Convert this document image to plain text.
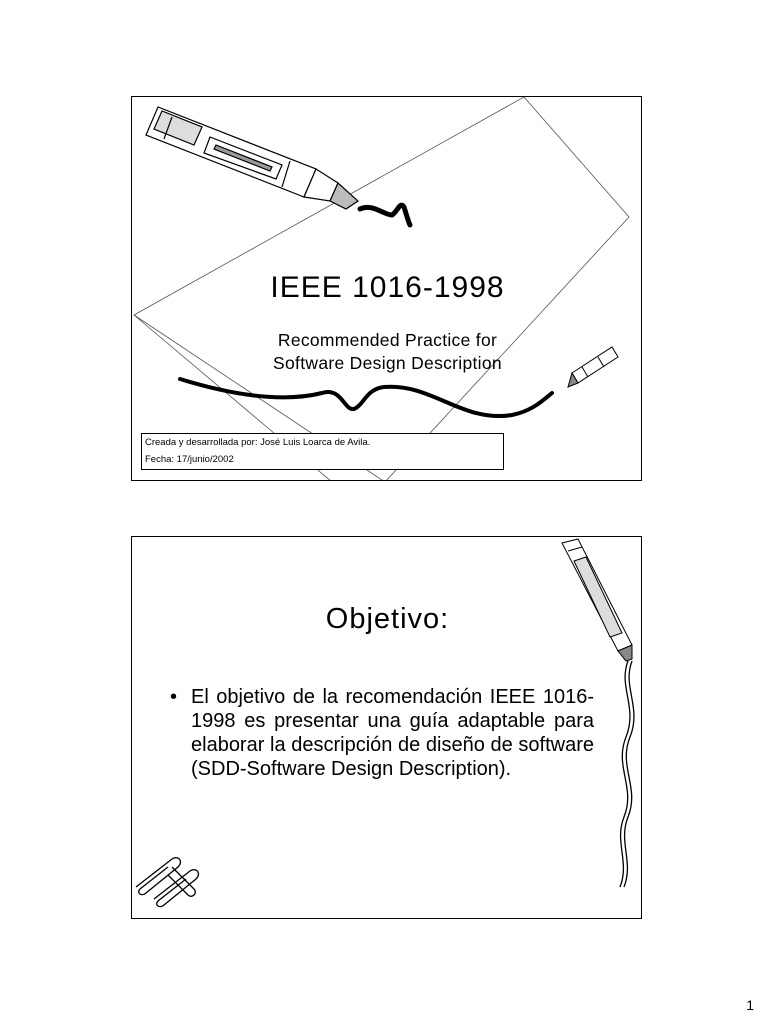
IEEE 1016-1998
Recommended Practice for
Software Design Description
Creada y desarrollada por: José Luis Loarca de Avila.
Fecha: 17/junio/2002
Objetivo:
• El objetivo de la recomendación IEEE 1016-1998 es presentar una guía adaptable para elaborar la descripción de diseño de software (SDD-Software Design Description).
1
